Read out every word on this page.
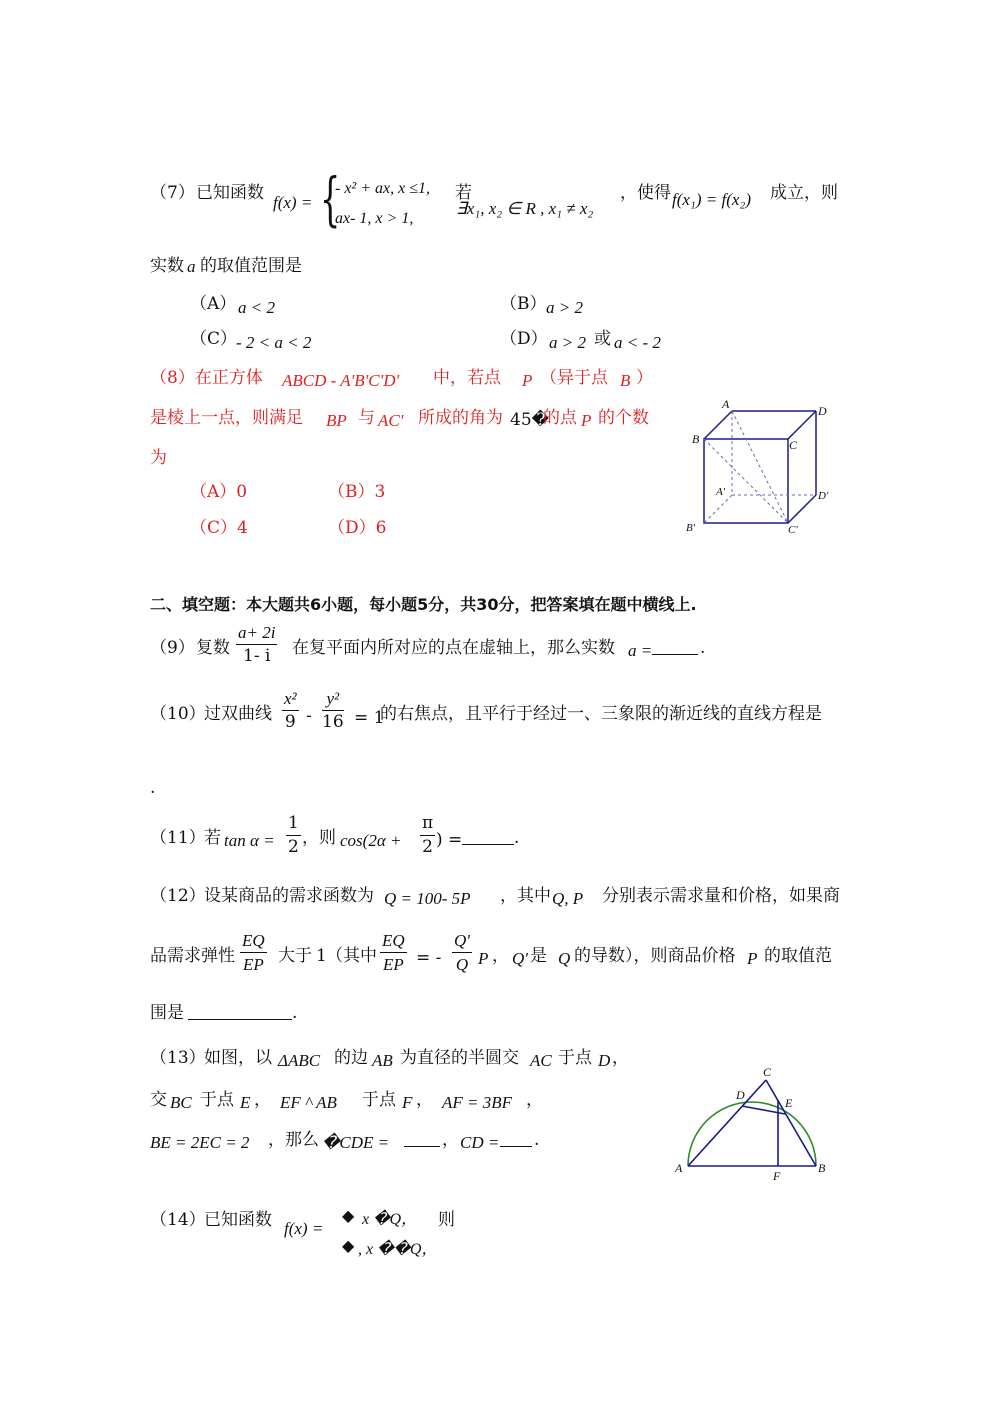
（7） 已知函数 f(x) = {
- x² + ax, x ≤1,
ax- 1, x > 1,
若
∃x₁, x₂ ∈ R , x₁ ≠ x₂
，使得 f(x₁) = f(x₂) 成立，则
实数 a 的取值范围是
（A） a < 2	（B） a > 2
（C）
- 2 < a < 2	（D） a > 2 或 a < - 2
（8）在正方体 ABCD - A'B'C'D' 中，若点 P （异于点 B ）
是棱上一点，则满足 BP 与 AC' 所成的角为 45�
的点 P 的个数
为
（A）0	（B）3
（C）4	（D）6
A	D
B	C
A′	D′
B′	C′
二、填空题：本大题共6小题，每小题5分，共30分，把答案填在题中横线上.
（9） 复数 $\frac{a+ 2i}{1- i}$ 在复平面内所对应的点在虚轴上，那么实数 a =	.
（10）
过双曲线 $\frac{\text{x²}}{9} - \frac{\text{y²}}{16} = 1$
的右焦点，且平行于经过一、三象限的渐近线的直线方程是
.
（11）
若 $\tan \alpha = \frac{1}{2}$ ，则 $\cos(2\alpha + \frac{\pi}{2}$ ) =	.
（12）
设某商品的需求函数为 Q = 100- 5P ，其中 Q, P 分别表示需求量和价格，如果商
品需求弹性 $\frac{EQ}{EP}$ 大于 1 （其中 $\frac{EQ}{EP}$ = - $\frac{Q'}{Q}$ P ， Q' 是 Q 的导数），则商品价格 P 的取值范
围是	.
（13）
如图，以 ΔABC 的边 AB 为直径的半圆交 AC 于点 D ，
交 BC 于点 E ， EF ^ AB 于点 F ， AF = 3BF ，
BE = 2EC = 2 ，那么 �CDE =	， CD = .
C
D
E
A
F
B
（14）
已知函数 f(x) =
◆ x �Q，
◆ , x ��Q，
则
